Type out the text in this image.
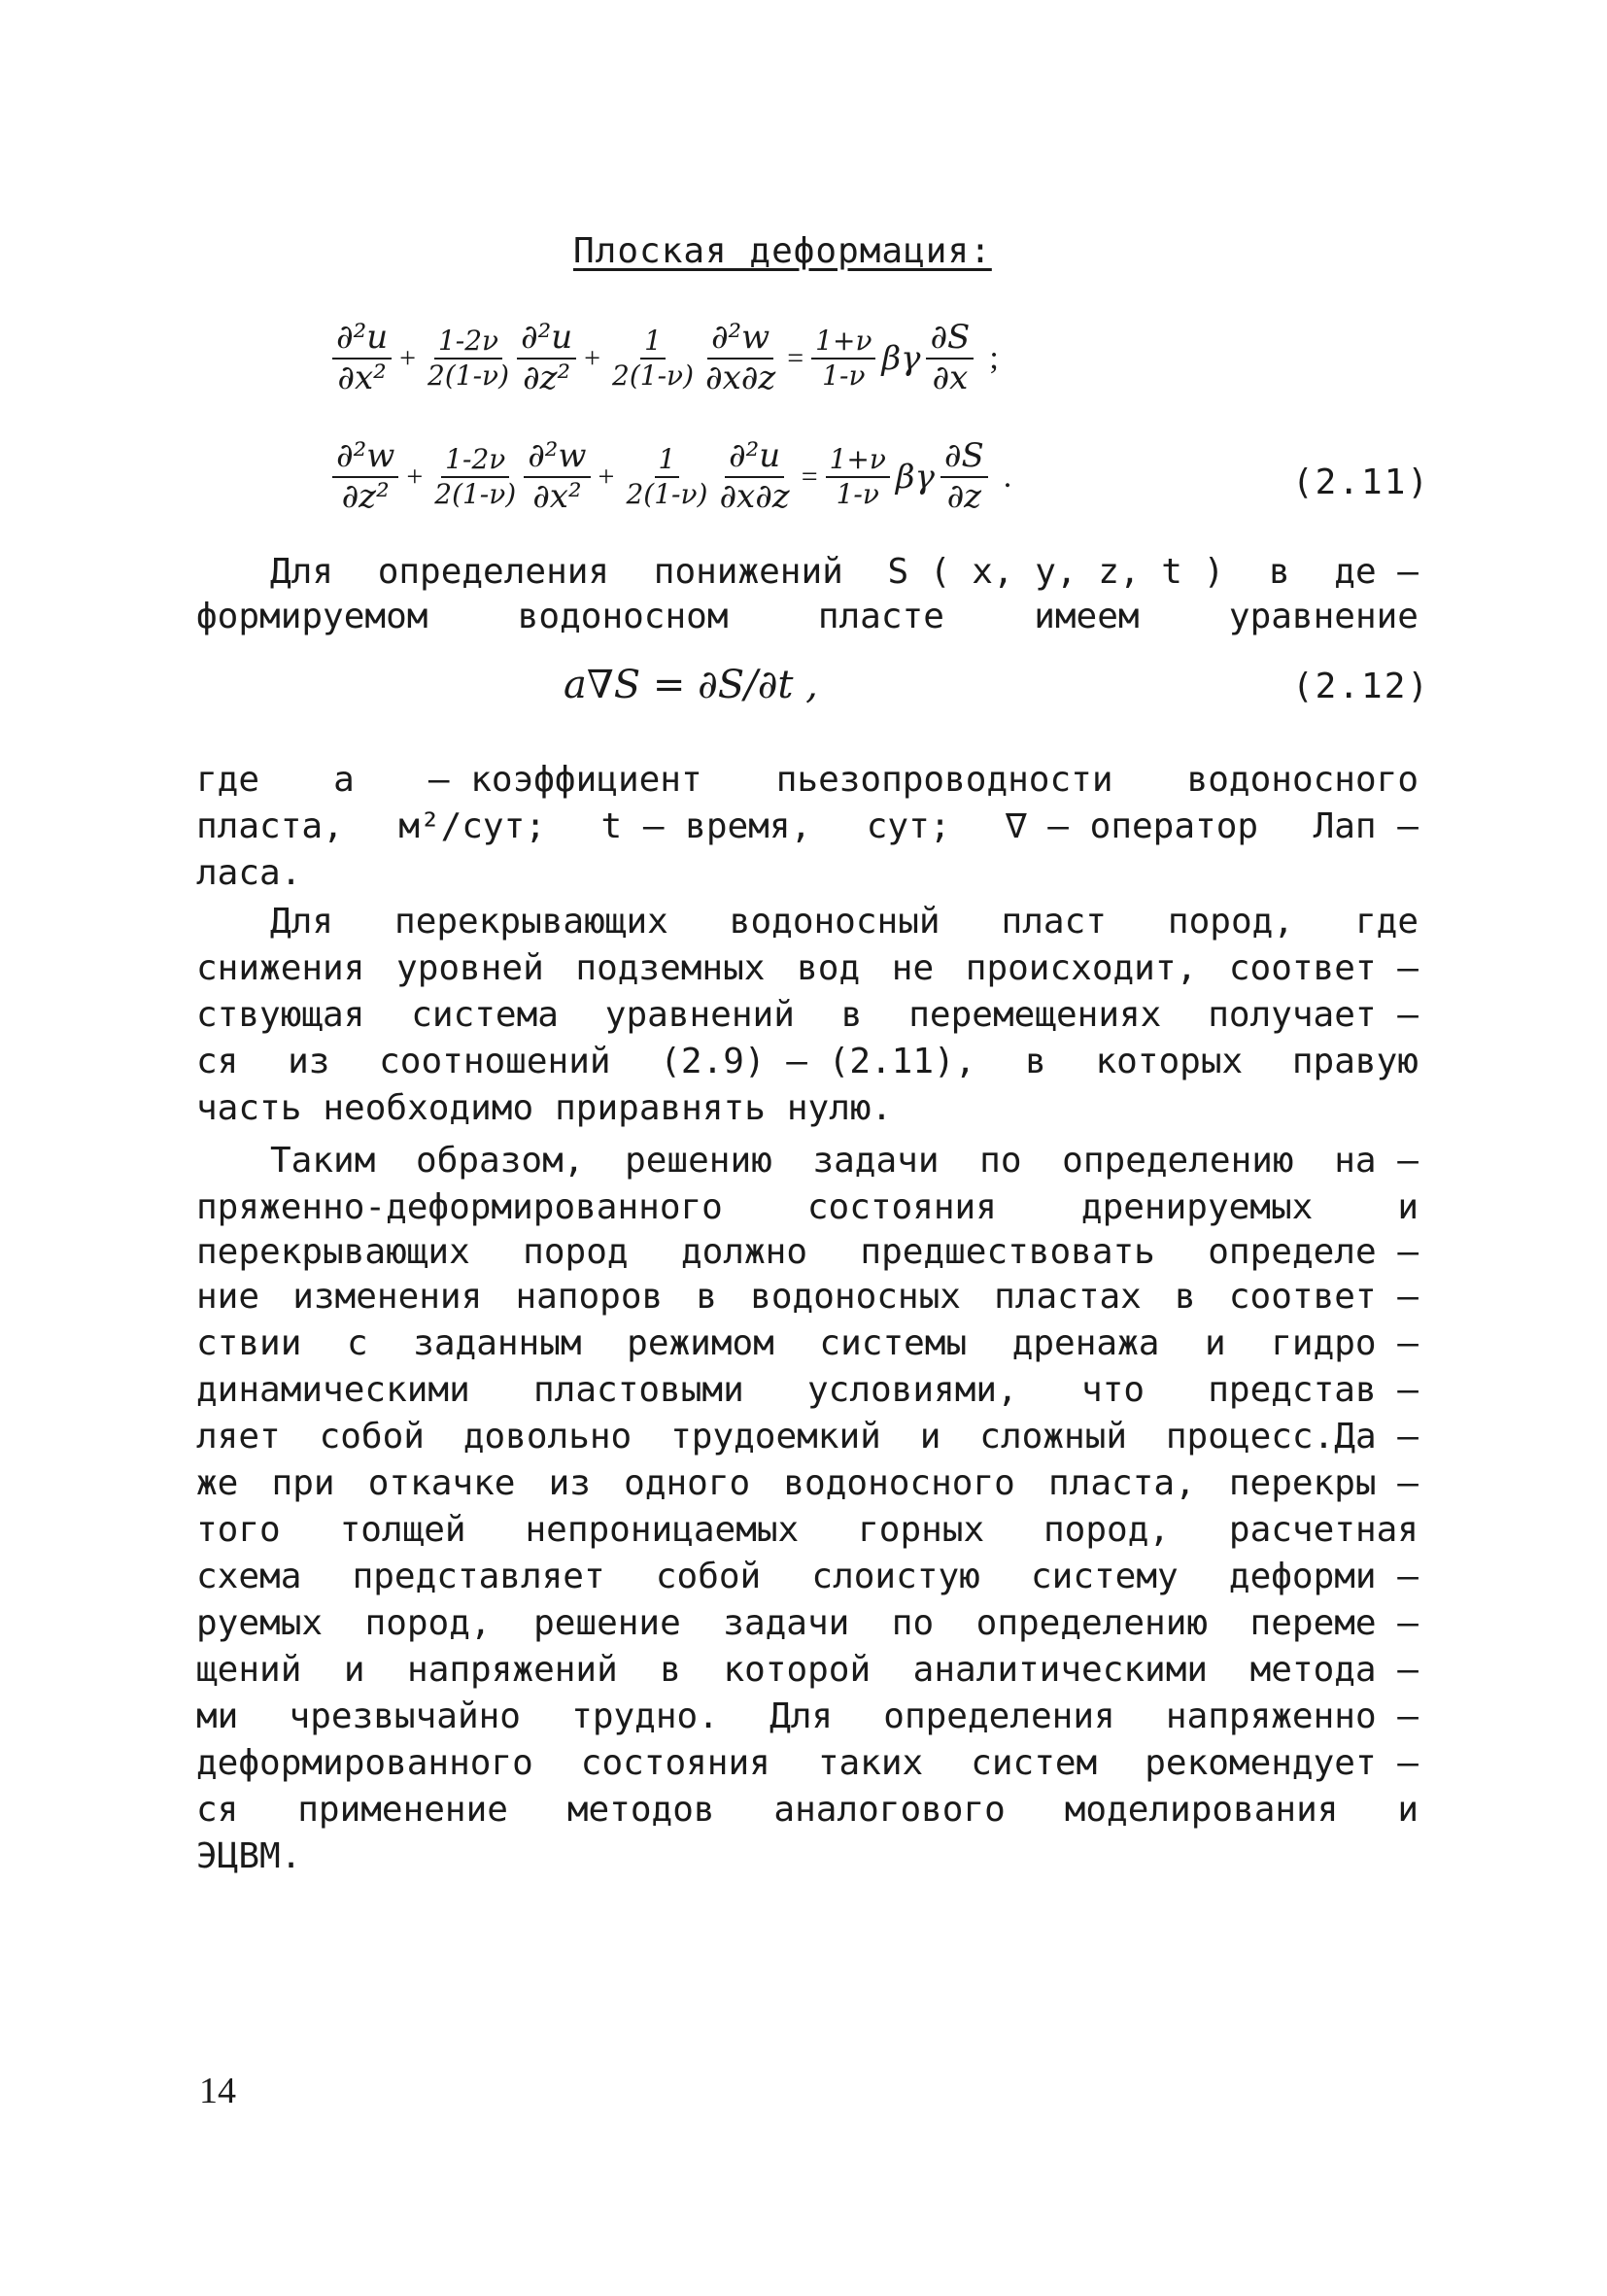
Плоская деформация:
$\frac{\text{∂²u}}{\text{∂x²}} + \frac{1-2\nu}{2(1-\nu)} \frac{\text{∂²u}}{\text{∂z²}} + \frac{1}{2(1-\nu)} \frac{\text{∂²w}}{\partial x\partial z} = \frac{1+\nu}{1-\nu}$ βγ $\frac{\partial S}{\partial x}$ ;
$\frac{\text{∂²w}}{\text{∂z²}} + \frac{1-2\nu}{2(1-\nu)} \frac{\text{∂²w}}{\text{∂x²}} + \frac{1}{2(1-\nu)} \frac{\text{∂²u}}{\partial x\partial z} = \frac{1+\nu}{1-\nu}$ βγ $\frac{\partial S}{\partial z}$ .	(2.11)
Для определения понижений S ( x, y, z, t ) в де –
формируемом	водоносном	пласте	имеем	уравнение
a∇S = ∂S/∂t ,	(2.12)
где a – коэффициент пьезопроводности водоносного
пласта, м²/сут; t – время, сут; ∇ – оператор Лап –
ласа.
Для перекрывающих водоносный пласт пород, где
снижения уровней подземных вод не происходит, соответ –
ствующая система уравнений в перемещениях получает –
ся из соотношений (2.9) – (2.11), в которых правую
часть необходимо приравнять нулю.
Таким образом, решению задачи по определению на –
пряженно-деформированного состояния дренируемых и
перекрывающих пород должно предшествовать определе –
ние изменения напоров в водоносных пластах в соответ –
ствии с заданным режимом системы дренажа и гидро –
динамическими пластовыми условиями, что представ –
ляет собой довольно трудоемкий и сложный процесс.Да –
же при откачке из одного водоносного пласта, перекры –
того толщей непроницаемых горных пород, расчетная
схема представляет собой слоистую систему деформи –
руемых пород, решение задачи по определению переме –
щений и напряжений в которой аналитическими метода –
ми чрезвычайно трудно. Для определения напряженно –
деформированного состояния таких систем рекомендует –
ся применение методов аналогового моделирования и
ЭЦВМ.
14
